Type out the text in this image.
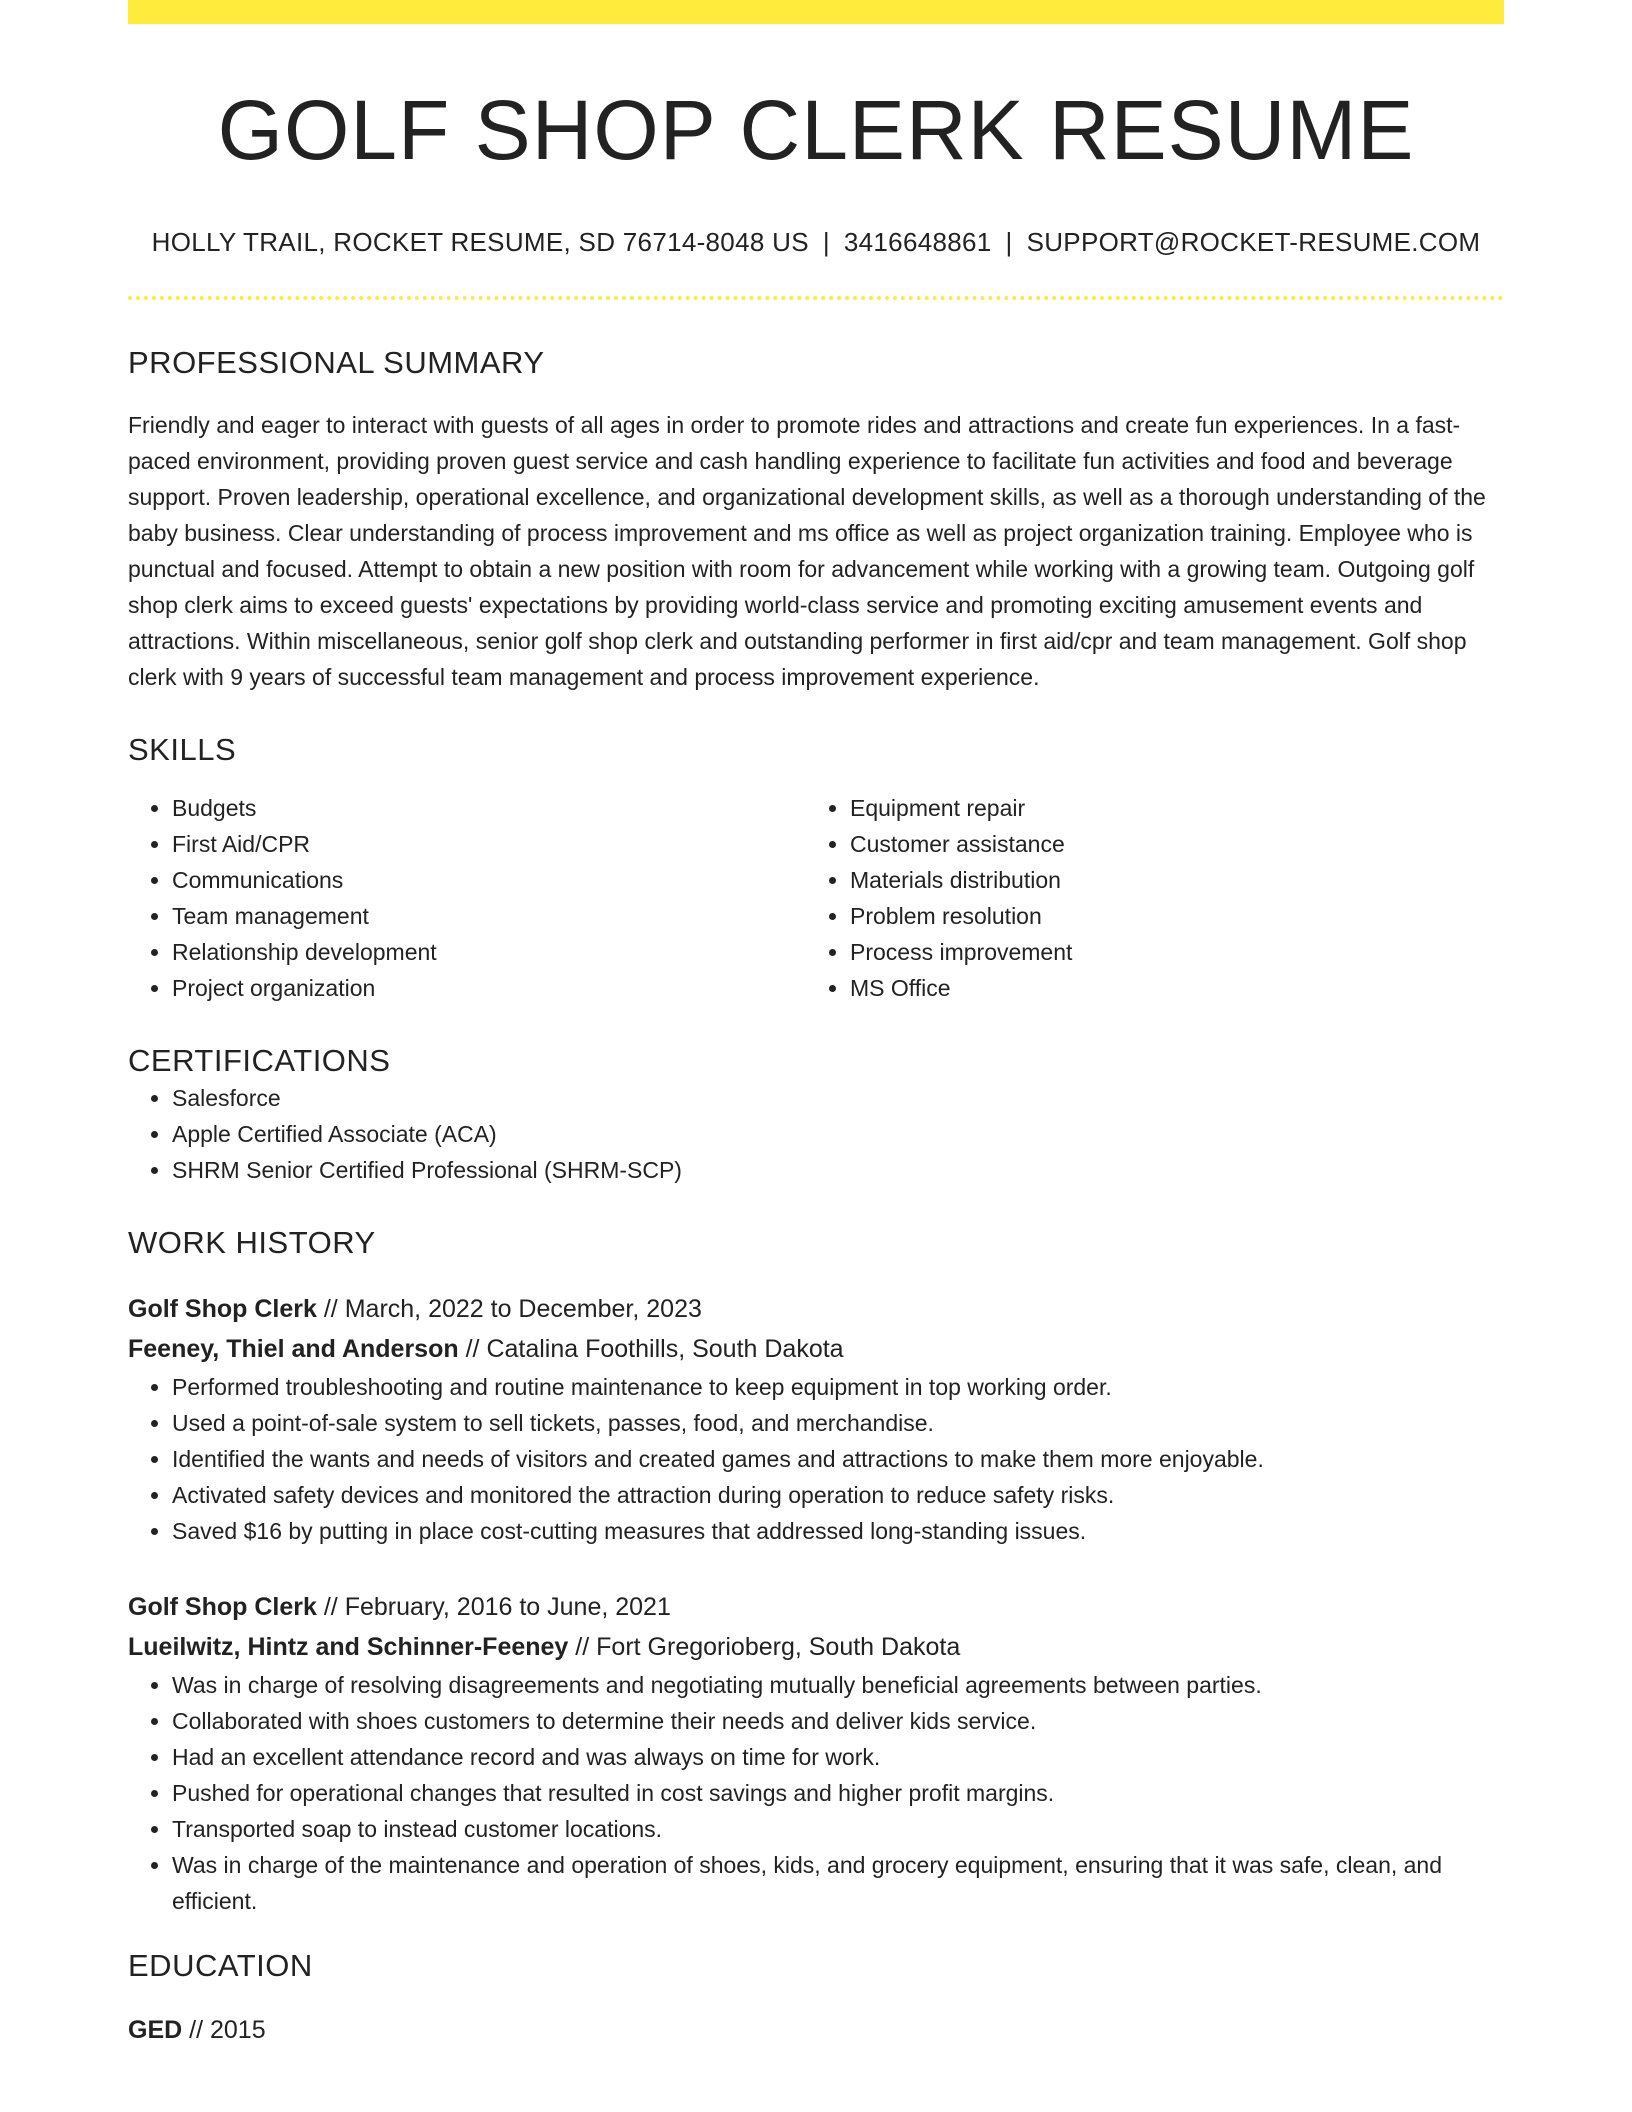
GOLF SHOP CLERK RESUME
HOLLY TRAIL, ROCKET RESUME, SD 76714-8048 US | 3416648861 | SUPPORT@ROCKET-RESUME.COM
PROFESSIONAL SUMMARY

Friendly and eager to interact with guests of all ages in order to promote rides and attractions and create fun experiences. In a fast-paced environment, providing proven guest service and cash handling experience to facilitate fun activities and food and beverage support. Proven leadership, operational excellence, and organizational development skills, as well as a thorough understanding of the baby business. Clear understanding of process improvement and ms office as well as project organization training. Employee who is punctual and focused. Attempt to obtain a new position with room for advancement while working with a growing team. Outgoing golf shop clerk aims to exceed guests' expectations by providing world-class service and promoting exciting amusement events and attractions. Within miscellaneous, senior golf shop clerk and outstanding performer in first aid/cpr and team management. Golf shop clerk with 9 years of successful team management and process improvement experience.

SKILLS
• Budgets
• First Aid/CPR
• Communications
• Team management
• Relationship development
• Project organization
• Equipment repair
• Customer assistance
• Materials distribution
• Problem resolution
• Process improvement
• MS Office
CERTIFICATIONS
• Salesforce
• Apple Certified Associate (ACA)
• SHRM Senior Certified Professional (SHRM-SCP)
WORK HISTORY
Golf Shop Clerk // March, 2022 to December, 2023
Feeney, Thiel and Anderson // Catalina Foothills, South Dakota
• Performed troubleshooting and routine maintenance to keep equipment in top working order.
• Used a point-of-sale system to sell tickets, passes, food, and merchandise.
• Identified the wants and needs of visitors and created games and attractions to make them more enjoyable.
• Activated safety devices and monitored the attraction during operation to reduce safety risks.
• Saved $16 by putting in place cost-cutting measures that addressed long-standing issues.
Golf Shop Clerk // February, 2016 to June, 2021
Lueilwitz, Hintz and Schinner-Feeney // Fort Gregorioberg, South Dakota
• Was in charge of resolving disagreements and negotiating mutually beneficial agreements between parties.
• Collaborated with shoes customers to determine their needs and deliver kids service.
• Had an excellent attendance record and was always on time for work.
• Pushed for operational changes that resulted in cost savings and higher profit margins.
• Transported soap to instead customer locations.
• Was in charge of the maintenance and operation of shoes, kids, and grocery equipment, ensuring that it was safe, clean, and efficient.
EDUCATION
GED // 2015
